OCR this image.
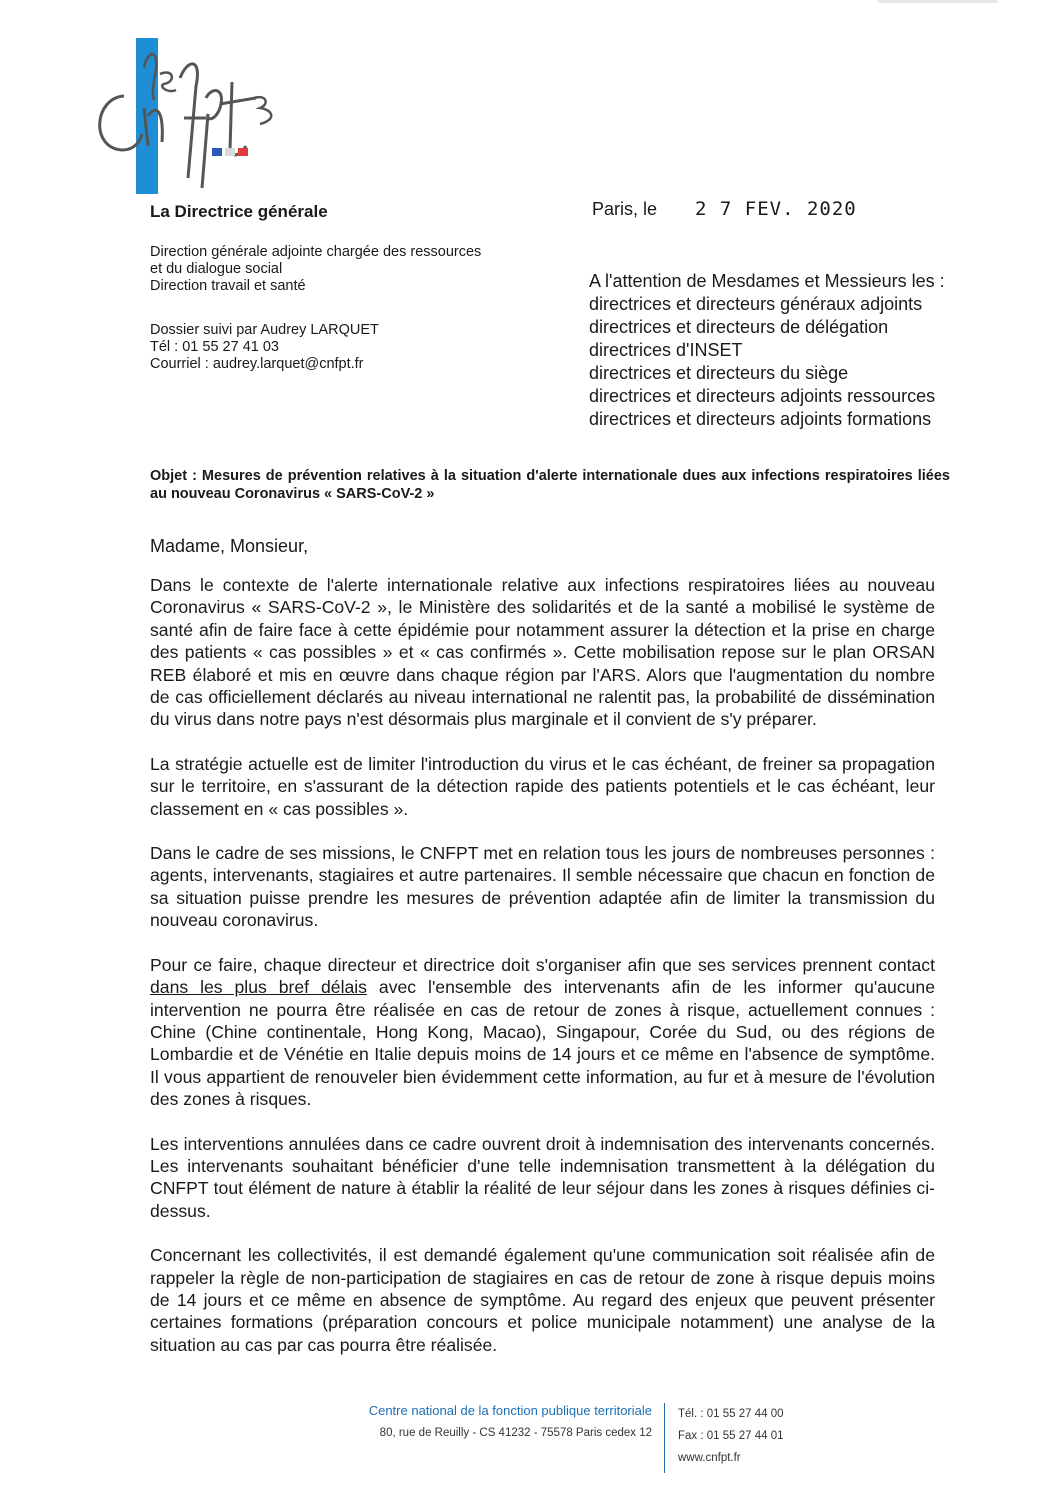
La Directrice générale
Direction générale adjointe chargée des ressources
et du dialogue social
Direction travail et santé
Dossier suivi par Audrey LARQUET
Tél : 01 55 27 41 03
Courriel : audrey.larquet@cnfpt.fr
Paris, le 2 7 FEV. 2020
A l'attention de Mesdames et Messieurs les :
directrices et directeurs généraux adjoints
directrices et directeurs de délégation
directrices d'INSET
directrices et directeurs du siège
directrices et directeurs adjoints ressources
directrices et directeurs adjoints formations
Objet : Mesures de prévention relatives à la situation d'alerte internationale dues aux infections respiratoires liées au nouveau Coronavirus « SARS-CoV-2 »
Madame, Monsieur,

Dans le contexte de l'alerte internationale relative aux infections respiratoires liées au nouveau Coronavirus « SARS-CoV-2 », le Ministère des solidarités et de la santé a mobilisé le système de santé afin de faire face à cette épidémie pour notamment assurer la détection et la prise en charge des patients « cas possibles » et « cas confirmés ». Cette mobilisation repose sur le plan ORSAN REB élaboré et mis en œuvre dans chaque région par l'ARS. Alors que l'augmentation du nombre de cas officiellement déclarés au niveau international ne ralentit pas, la probabilité de dissémination du virus dans notre pays n'est désormais plus marginale et il convient de s'y préparer.

La stratégie actuelle est de limiter l'introduction du virus et le cas échéant, de freiner sa propagation sur le territoire, en s'assurant de la détection rapide des patients potentiels et le cas échéant, leur classement en « cas possibles ».

Dans le cadre de ses missions, le CNFPT met en relation tous les jours de nombreuses personnes : agents, intervenants, stagiaires et autre partenaires. Il semble nécessaire que chacun en fonction de sa situation puisse prendre les mesures de prévention adaptée afin de limiter la transmission du nouveau coronavirus.

Pour ce faire, chaque directeur et directrice doit s'organiser afin que ses services prennent contact dans les plus bref délais avec l'ensemble des intervenants afin de les informer qu'aucune intervention ne pourra être réalisée en cas de retour de zones à risque, actuellement connues : Chine (Chine continentale, Hong Kong, Macao), Singapour, Corée du Sud, ou des régions de Lombardie et de Vénétie en Italie depuis moins de 14 jours et ce même en l'absence de symptôme. Il vous appartient de renouveler bien évidemment cette information, au fur et à mesure de l'évolution des zones à risques.

Les interventions annulées dans ce cadre ouvrent droit à indemnisation des intervenants concernés. Les intervenants souhaitant bénéficier d'une telle indemnisation transmettent à la délégation du CNFPT tout élément de nature à établir la réalité de leur séjour dans les zones à risques définies ci-dessus.

Concernant les collectivités, il est demandé également qu'une communication soit réalisée afin de rappeler la règle de non-participation de stagiaires en cas de retour de zone à risque depuis moins de 14 jours et ce même en absence de symptôme. Au regard des enjeux que peuvent présenter certaines formations (préparation concours et police municipale notamment) une analyse de la situation au cas par cas pourra être réalisée.

Centre national de la fonction publique territoriale
80, rue de Reuilly - CS 41232 - 75578 Paris cedex 12
Tél. : 01 55 27 44 00
Fax : 01 55 27 44 01
www.cnfpt.fr
